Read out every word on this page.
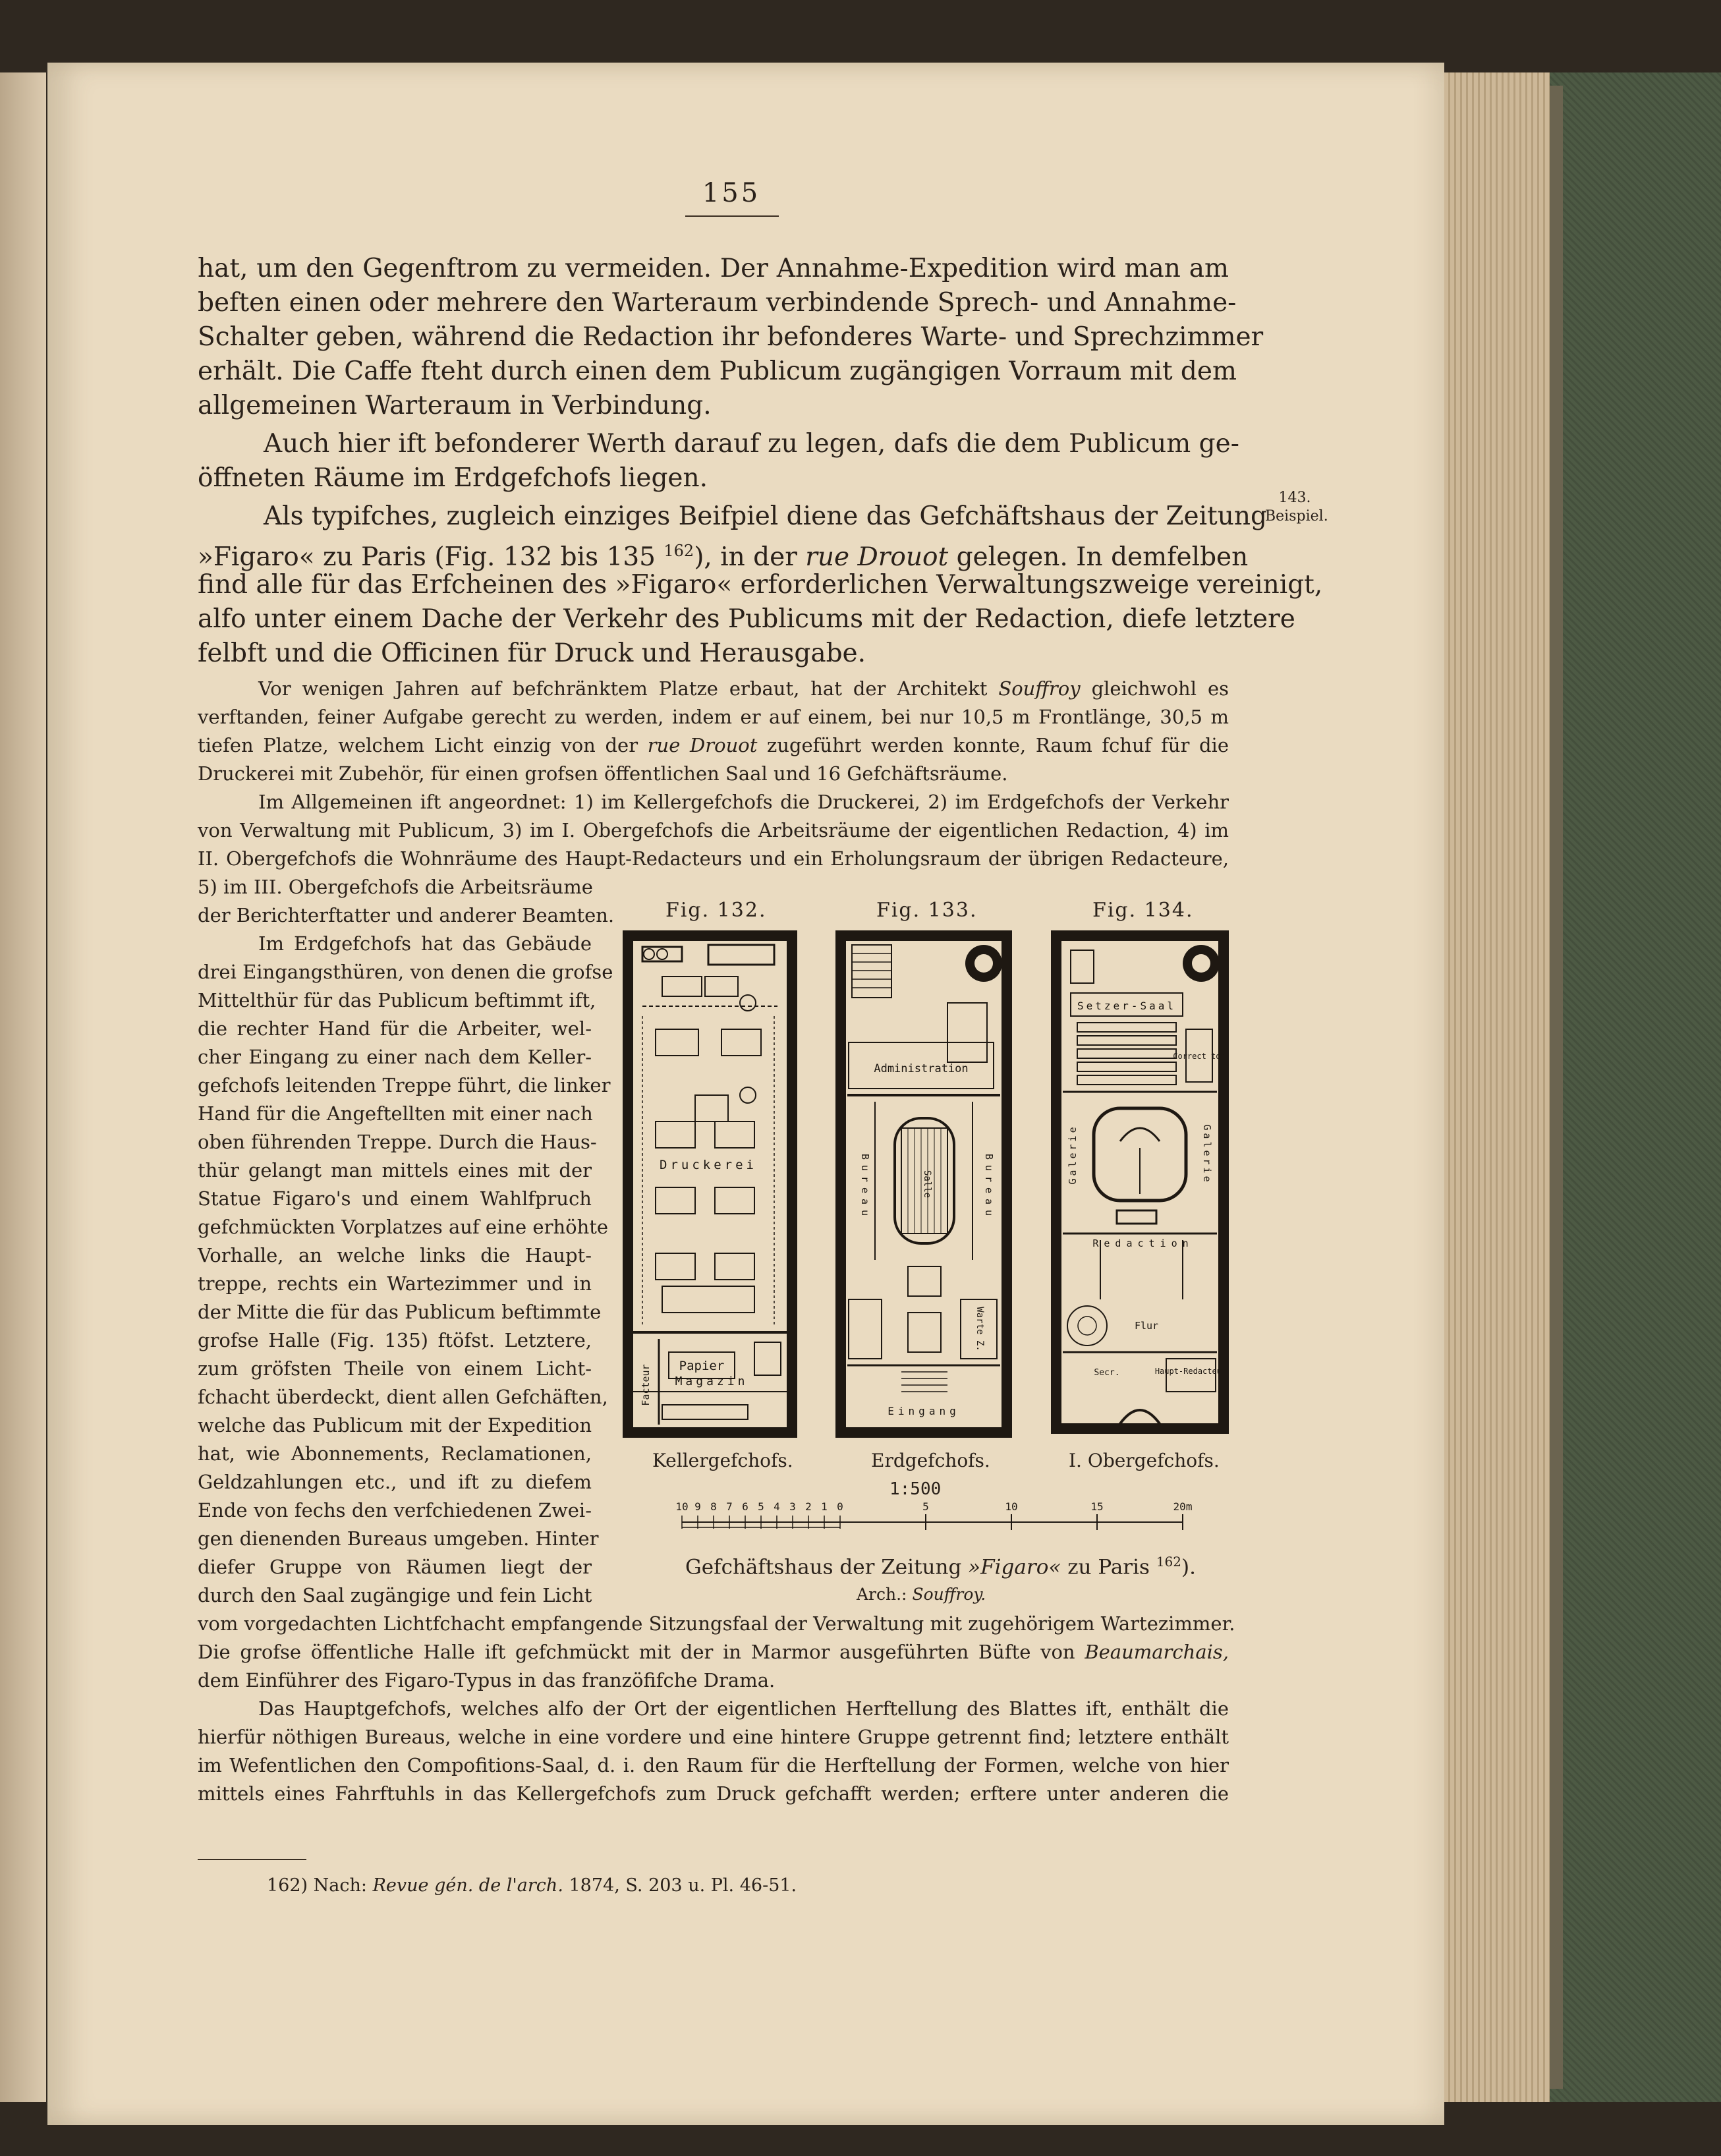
155
143.
Beispiel.
hat, um den Gegenftrom zu vermeiden. Der Annahme-Expedition wird man am
beften einen oder mehrere den Warteraum verbindende Sprech- und Annahme-
Schalter geben, während die Redaction ihr befonderes Warte- und Sprechzimmer
erhält. Die Caffe fteht durch einen dem Publicum zugängigen Vorraum mit dem
allgemeinen Warteraum in Verbindung.
Auch hier ift befonderer Werth darauf zu legen, dafs die dem Publicum ge-
öffneten Räume im Erdgefchofs liegen.
Als typifches, zugleich einziges Beifpiel diene das Gefchäftshaus der Zeitung
»Figaro« zu Paris (Fig. 132 bis 135 $^{162}$), in der rue Drouot gelegen. In demfelben
find alle für das Erfcheinen des »Figaro« erforderlichen Verwaltungszweige vereinigt,
alfo unter einem Dache der Verkehr des Publicums mit der Redaction, diefe letztere
felbft und die Officinen für Druck und Herausgabe.
Vor wenigen Jahren auf befchränktem Platze erbaut, hat der Architekt Souffroy gleichwohl es
verftanden, feiner Aufgabe gerecht zu werden, indem er auf einem, bei nur 10,5 m Frontlänge, 30,5 m
tiefen Platze, welchem Licht einzig von der rue Drouot zugeführt werden konnte, Raum fchuf für die
Druckerei mit Zubehör, für einen grofsen öffentlichen Saal und 16 Gefchäftsräume.
Im Allgemeinen ift angeordnet: 1) im Kellergefchofs die Druckerei, 2) im Erdgefchofs der Verkehr
von Verwaltung mit Publicum, 3) im I. Obergefchofs die Arbeitsräume der eigentlichen Redaction, 4) im
II. Obergefchofs die Wohnräume des Haupt-Redacteurs und ein Erholungsraum der übrigen Redacteure,
5) im III. Obergefchofs die Arbeitsräume
der Berichterftatter und anderer Beamten.
Im Erdgefchofs hat das Gebäude
drei Eingangsthüren, von denen die grofse
Mittelthür für das Publicum beftimmt ift,
die rechter Hand für die Arbeiter, wel-
cher Eingang zu einer nach dem Keller-
gefchofs leitenden Treppe führt, die linker
Hand für die Angeftellten mit einer nach
oben führenden Treppe. Durch die Haus-
thür gelangt man mittels eines mit der
Statue Figaro's und einem Wahlfpruch
gefchmückten Vorplatzes auf eine erhöhte
Vorhalle, an welche links die Haupt-
treppe, rechts ein Wartezimmer und in
der Mitte die für das Publicum beftimmte
grofse Halle (Fig. 135) ftöfst. Letztere,
zum gröfsten Theile von einem Licht-
fchacht überdeckt, dient allen Gefchäften,
welche das Publicum mit der Expedition
hat, wie Abonnements, Reclamationen,
Geldzahlungen etc., und ift zu diefem
Ende von fechs den verfchiedenen Zwei-
gen dienenden Bureaus umgeben. Hinter
diefer Gruppe von Räumen liegt der
durch den Saal zugängige und fein Licht
vom vorgedachten Lichtfchacht empfangende Sitzungsfaal der Verwaltung mit zugehörigem Wartezimmer.
Die grofse öffentliche Halle ift gefchmückt mit der in Marmor ausgeführten Büfte von Beaumarchais,
dem Einführer des Figaro-Typus in das franzöfifche Drama.
Das Hauptgefchofs, welches alfo der Ort der eigentlichen Herftellung des Blattes ift, enthält die
hierfür nöthigen Bureaus, welche in eine vordere und eine hintere Gruppe getrennt find; letztere enthält
im Wefentlichen den Compofitions-Saal, d. i. den Raum für die Herftellung der Formen, welche von hier
mittels eines Fahrftuhls in das Kellergefchofs zum Druck gefchafft werden; erftere unter anderen die
Fig. 132.	Fig. 133.	Fig. 134.
Druckerei
Papier
Facteur Magazin
Administration
Salle
Bureau	Bureau
Warte Z.
Eingang
Setzer-Saal
Correct tor
Galerie	Galerie
Redaction
Flur
Secr.	Haupt-Redacteur
Kellergefchofs.	Erdgefchofs.	I. Obergefchofs.
1:500
10 9 8 7 6 5 4 3 2 1 0	5	10	15	20m
Gefchäftshaus der Zeitung »Figaro« zu Paris $^{162}$).
Arch.: Souffroy.
162) Nach: Revue gén. de l'arch. 1874, S. 203 u. Pl. 46-51.
